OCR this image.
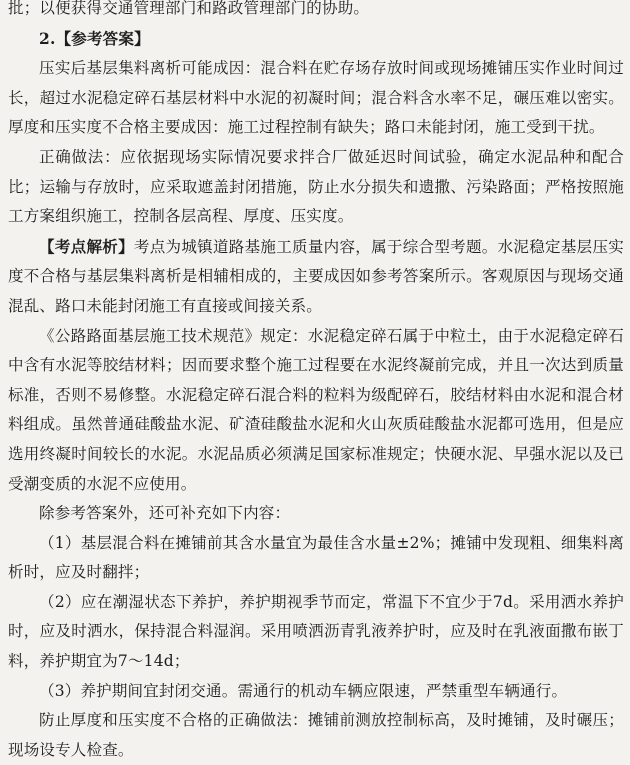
批；以便获得交通管理部门和路政管理部门的协助。

2.【参考答案】

压实后基层集料离析可能成因：混合料在贮存场存放时间或现场摊铺压实作业时间过长，超过水泥稳定碎石基层材料中水泥的初凝时间；混合料含水率不足，碾压难以密实。厚度和压实度不合格主要成因：施工过程控制有缺失；路口未能封闭，施工受到干扰。

正确做法：应依据现场实际情况要求拌合厂做延迟时间试验，确定水泥品种和配合比；运输与存放时，应采取遮盖封闭措施，防止水分损失和遗撒、污染路面；严格按照施工方案组织施工，控制各层高程、厚度、压实度。

【考点解析】考点为城镇道路基施工质量内容，属于综合型考题。水泥稳定基层压实度不合格与基层集料离析是相辅相成的，主要成因如参考答案所示。客观原因与现场交通混乱、路口未能封闭施工有直接或间接关系。

《公路路面基层施工技术规范》规定：水泥稳定碎石属于中粒土，由于水泥稳定碎石中含有水泥等胶结材料；因而要求整个施工过程要在水泥终凝前完成，并且一次达到质量标准，否则不易修整。水泥稳定碎石混合料的粒料为级配碎石，胶结材料由水泥和混合材料组成。虽然普通硅酸盐水泥、矿渣硅酸盐水泥和火山灰质硅酸盐水泥都可选用，但是应选用终凝时间较长的水泥。水泥品质必须满足国家标准规定；快硬水泥、早强水泥以及已受潮变质的水泥不应使用。

除参考答案外，还可补充如下内容：

（1）基层混合料在摊铺前其含水量宜为最佳含水量±2%；摊铺中发现粗、细集料离析时，应及时翻拌；

（2）应在潮湿状态下养护，养护期视季节而定，常温下不宜少于7d。采用洒水养护时，应及时洒水，保持混合料湿润。采用喷洒沥青乳液养护时，应及时在乳液面撒布嵌丁料，养护期宜为7～14d；

（3）养护期间宜封闭交通。需通行的机动车辆应限速，严禁重型车辆通行。

防止厚度和压实度不合格的正确做法：摊铺前测放控制标高，及时摊铺，及时碾压；现场设专人检查。
